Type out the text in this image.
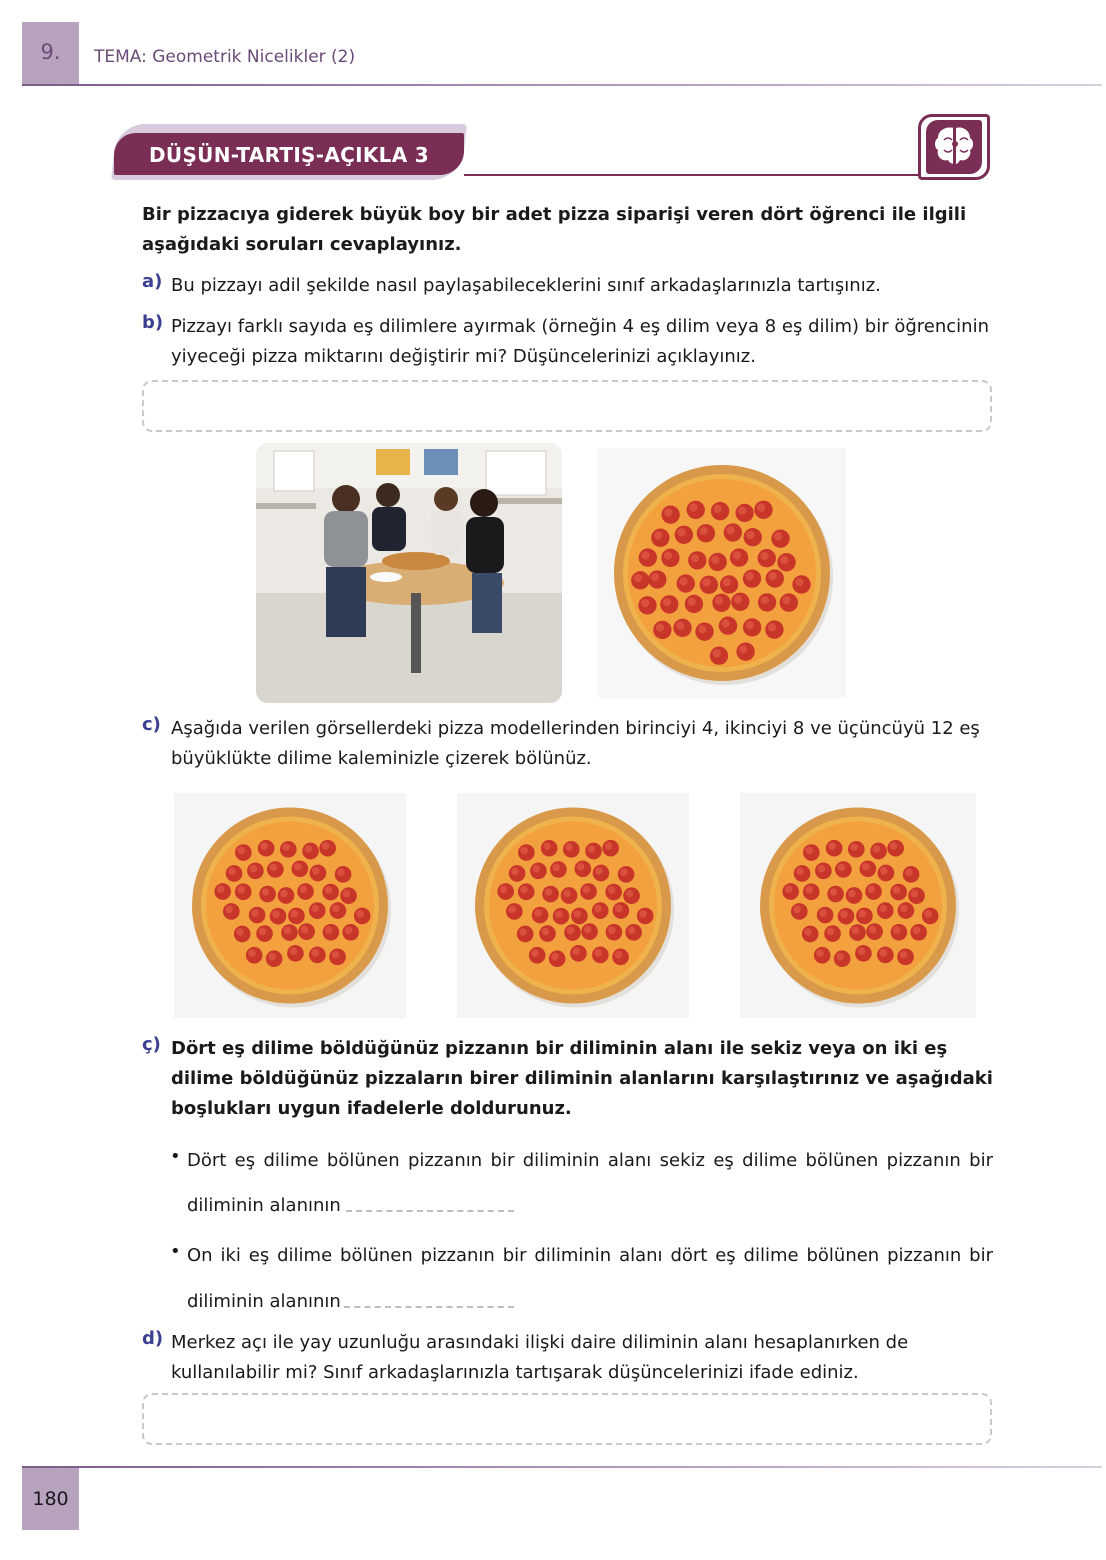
9.	TEMA: Geometrik Nicelikler (2)
DÜŞÜN-TARTIŞ-AÇIKLA 3
Bir pizzacıya giderek büyük boy bir adet pizza siparişi veren dört öğrenci ile ilgili aşağıdaki soruları cevaplayınız.
a) Bu pizzayı adil şekilde nasıl paylaşabileceklerini sınıf arkadaşlarınızla tartışınız.
b) Pizzayı farklı sayıda eş dilimlere ayırmak (örneğin 4 eş dilim veya 8 eş dilim) bir öğrencinin yiyeceği pizza miktarını değiştirir mi? Düşüncelerinizi açıklayınız.
c) Aşağıda verilen görsellerdeki pizza modellerinden birinciyi 4, ikinciyi 8 ve üçüncüyü 12 eş büyüklükte dilime kaleminizle çizerek bölünüz.
ç) Dört eş dilime böldüğünüz pizzanın bir diliminin alanı ile sekiz veya on iki eş dilime böldüğünüz pizzaların birer diliminin alanlarını karşılaştırınız ve aşağıdaki boşlukları uygun ifadelerle doldurunuz.
• Dört eş dilime bölünen pizzanın bir diliminin alanı sekiz eş dilime bölünen pizzanın bir
diliminin alanının
• On iki eş dilime bölünen pizzanın bir diliminin alanı dört eş dilime bölünen pizzanın bir
diliminin alanının
d) Merkez açı ile yay uzunluğu arasındaki ilişki daire diliminin alanı hesaplanırken de kullanılabilir mi? Sınıf arkadaşlarınızla tartışarak düşüncelerinizi ifade ediniz.
180
